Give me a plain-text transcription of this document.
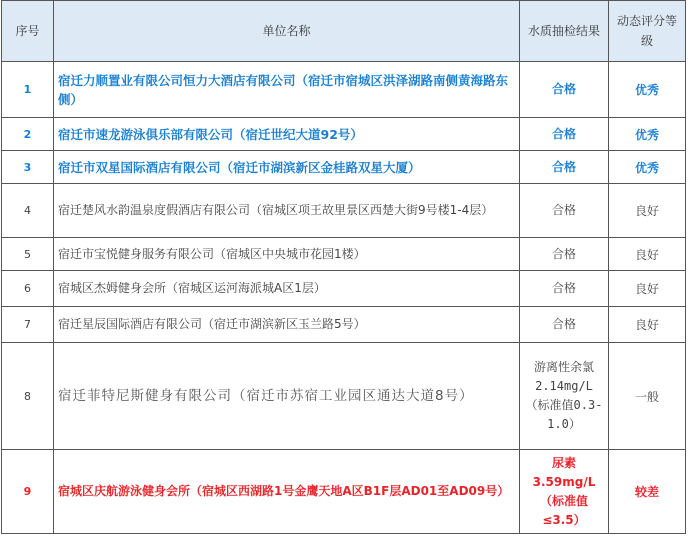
序号	单位名称	水质抽检结果	动态评分等级
1	宿迁力顺置业有限公司恒力大酒店有限公司（宿迁市宿城区洪泽湖路南侧黄海路东侧）	合格	优秀
2	宿迁市速龙游泳俱乐部有限公司（宿迁世纪大道92号）	合格	优秀
3	宿迁市双星国际酒店有限公司（宿迁市湖滨新区金桂路双星大厦）	合格	优秀
4	宿迁楚风水韵温泉度假酒店有限公司（宿城区项王故里景区西楚大街9号楼1-4层）	合格	良好
5	宿迁市宝悦健身服务有限公司（宿城区中央城市花园1楼）	合格	良好
6	宿城区杰姆健身会所（宿城区运河海派城A区1层）	合格	良好
7	宿迁星辰国际酒店有限公司（宿迁市湖滨新区玉兰路5号）	合格	良好
8	宿迁菲特尼斯健身有限公司（宿迁市苏宿工业园区通达大道8号）	游离性余氯2.14mg/L（标准值0.3-1.0）	一般
9	宿城区庆航游泳健身会所（宿城区西湖路1号金鹰天地A区B1F层AD01至AD09号）	尿素3.59mg/L（标准值≤3.5）	较差
